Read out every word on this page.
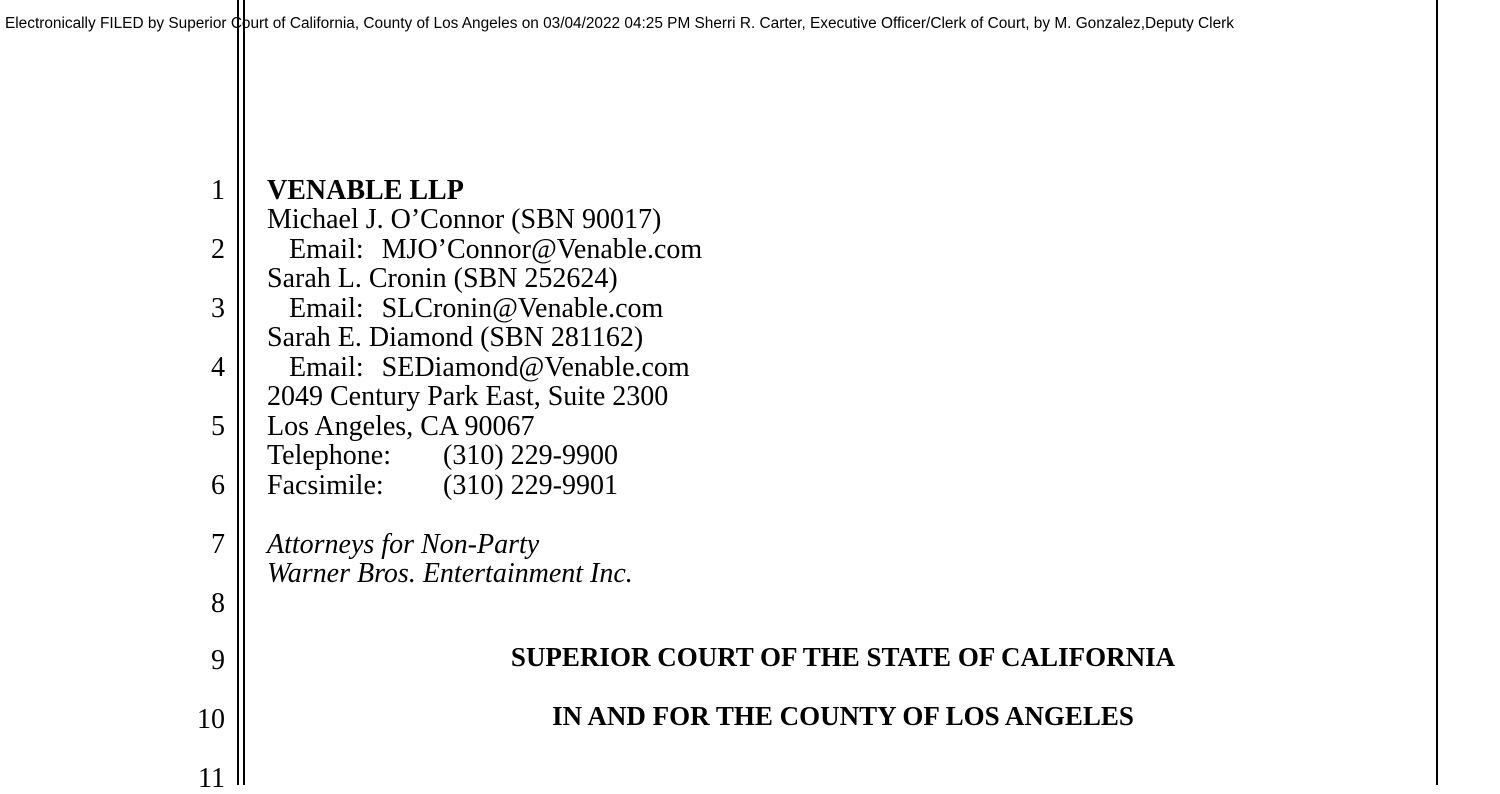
Electronically FILED by Superior Court of California, County of Los Angeles on 03/04/2022 04:25 PM Sherri R. Carter, Executive Officer/Clerk of Court, by M. Gonzalez,Deputy Clerk
1
2
3
4
5
6
7
8
9
10
11
VENABLE LLP
Michael J. O’Connor (SBN 90017)
Email: MJO’Connor@Venable.com
Sarah L. Cronin (SBN 252624)
Email: SLCronin@Venable.com
Sarah E. Diamond (SBN 281162)
Email: SEDiamond@Venable.com
2049 Century Park East, Suite 2300
Los Angeles, CA 90067
Telephone: (310) 229-9900
Facsimile: (310) 229-9901
Attorneys for Non-Party
Warner Bros. Entertainment Inc.
SUPERIOR COURT OF THE STATE OF CALIFORNIA
IN AND FOR THE COUNTY OF LOS ANGELES
